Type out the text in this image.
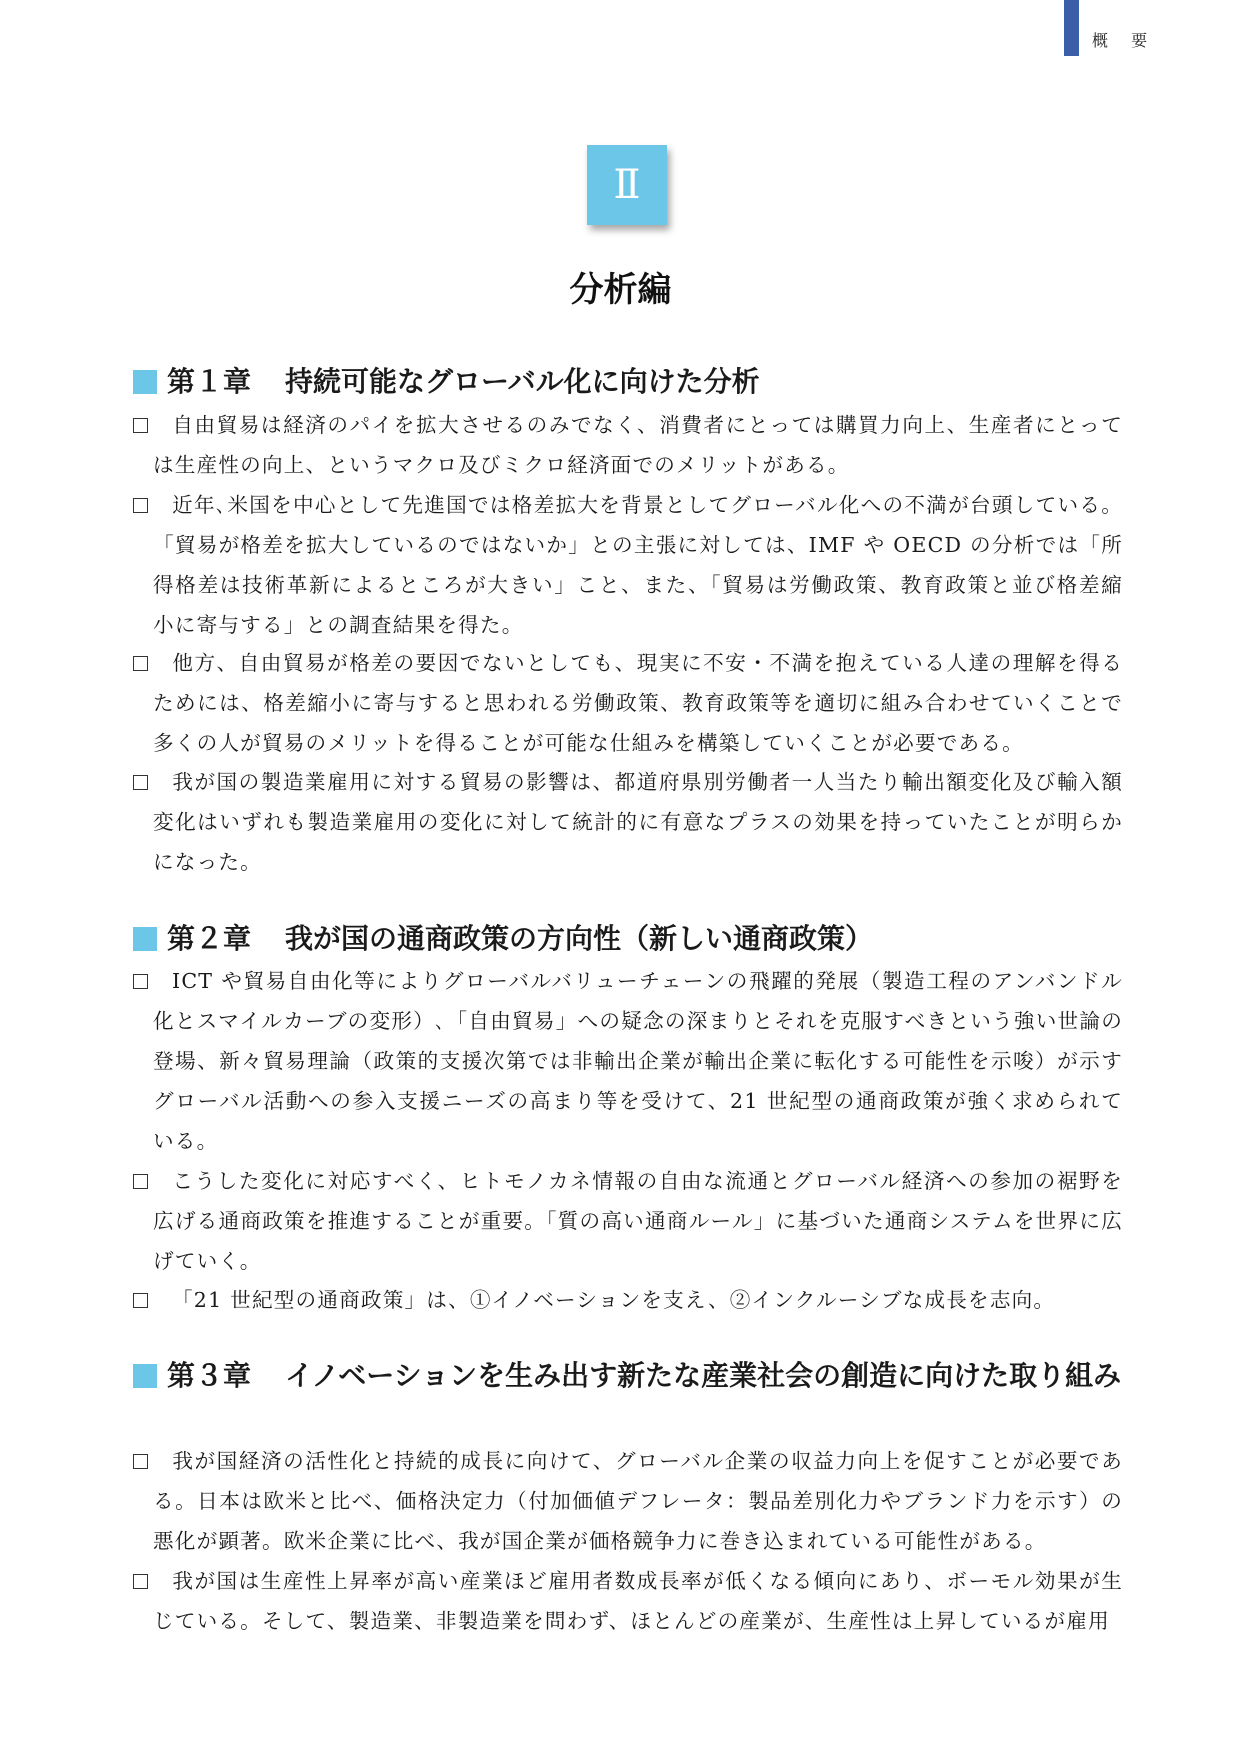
概 要
Ⅱ
分析編
第１章	持続可能なグローバル化に向けた分析
自由貿易は経済のパイを拡大させるのみでなく、消費者にとっては購買力向上、生産者にとっては生産性の向上、というマクロ及びミクロ経済面でのメリットがある。
近年､米国を中心として先進国では格差拡大を背景としてグローバル化への不満が台頭している。「貿易が格差を拡大しているのではないか」との主張に対しては、IMF や OECD の分析では「所得格差は技術革新によるところが大きい」こと、また、「貿易は労働政策、教育政策と並び格差縮小に寄与する」との調査結果を得た。
他方、自由貿易が格差の要因でないとしても、現実に不安・不満を抱えている人達の理解を得るためには、格差縮小に寄与すると思われる労働政策、教育政策等を適切に組み合わせていくことで多くの人が貿易のメリットを得ることが可能な仕組みを構築していくことが必要である。
我が国の製造業雇用に対する貿易の影響は、都道府県別労働者一人当たり輸出額変化及び輸入額変化はいずれも製造業雇用の変化に対して統計的に有意なプラスの効果を持っていたことが明らかになった。
第２章	我が国の通商政策の方向性（新しい通商政策）
ICT や貿易自由化等によりグローバルバリューチェーンの飛躍的発展（製造工程のアンバンドル化とスマイルカーブの変形）､「自由貿易」への疑念の深まりとそれを克服すべきという強い世論の登場、新々貿易理論（政策的支援次第では非輸出企業が輸出企業に転化する可能性を示唆）が示すグローバル活動への参入支援ニーズの高まり等を受けて、21 世紀型の通商政策が強く求められている。
こうした変化に対応すべく、ヒトモノカネ情報の自由な流通とグローバル経済への参加の裾野を広げる通商政策を推進することが重要。「質の高い通商ルール」に基づいた通商システムを世界に広げていく。
「21 世紀型の通商政策」は、①イノベーションを支え、②インクルーシブな成長を志向。
第３章	イノベーションを生み出す新たな産業社会の創造に向けた取り組み
我が国経済の活性化と持続的成長に向けて、グローバル企業の収益力向上を促すことが必要である。日本は欧米と比べ、価格決定力（付加価値デフレータ：製品差別化力やブランド力を示す）の悪化が顕著。欧米企業に比べ、我が国企業が価格競争力に巻き込まれている可能性がある。
我が国は生産性上昇率が高い産業ほど雇用者数成長率が低くなる傾向にあり、ボーモル効果が生じている。そして、製造業、非製造業を問わず、ほとんどの産業が、生産性は上昇しているが雇用
